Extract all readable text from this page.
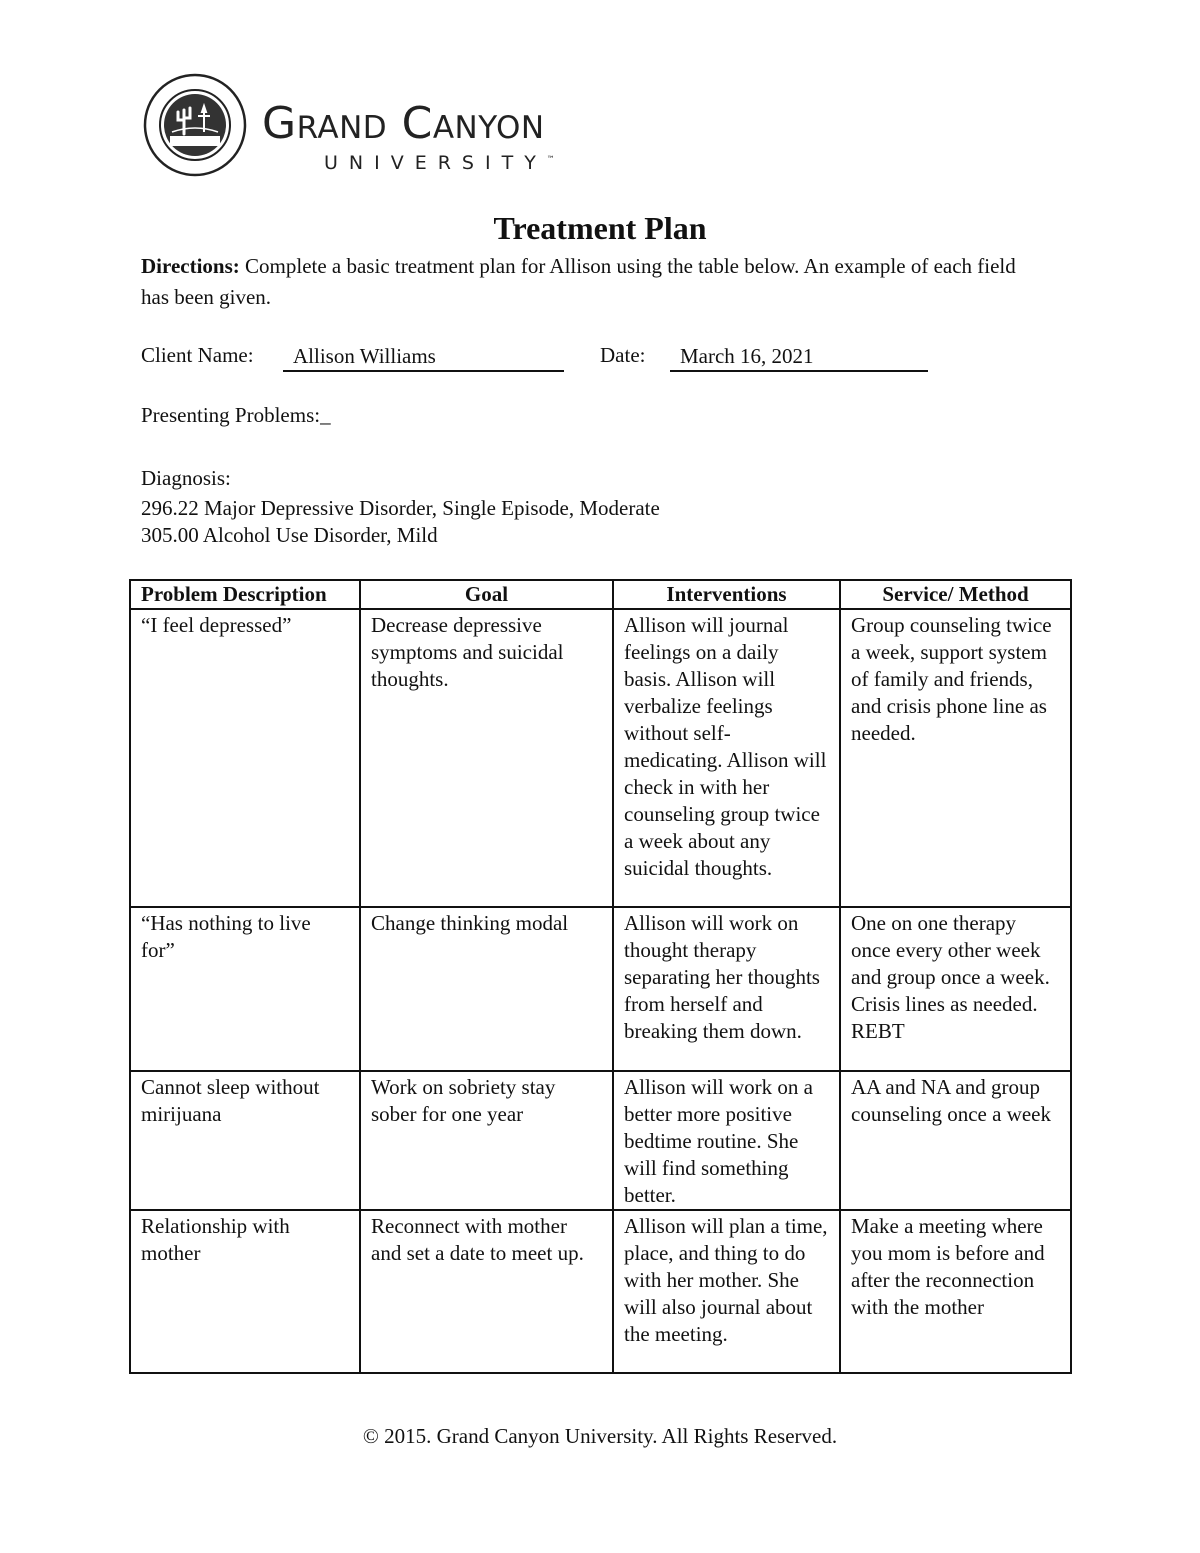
Grand Canyon
UNIVERSITY™
Treatment Plan
Directions: Complete a basic treatment plan for Allison using the table below. An example of each field has been given.
Client Name:	Allison Williams	Date:	March 16, 2021
Presenting Problems:_
Diagnosis:
296.22 Major Depressive Disorder, Single Episode, Moderate
305.00 Alcohol Use Disorder, Mild
Problem Description	Goal	Interventions	Service/ Method
“I feel depressed”	Decrease depressive symptoms and suicidal thoughts.	Allison will journal feelings on a daily basis. Allison will verbalize feelings without self-medicating. Allison will check in with her counseling group twice a week about any suicidal thoughts.	Group counseling twice a week, support system of family and friends, and crisis phone line as needed.
“Has nothing to live for”	Change thinking modal	Allison will work on thought therapy separating her thoughts from herself and breaking them down.	One on one therapy once every other week and group once a week. Crisis lines as needed. REBT
Cannot sleep without mirijuana	Work on sobriety stay sober for one year	Allison will work on a better more positive bedtime routine. She will find something better.	AA and NA and group counseling once a week
Relationship with mother	Reconnect with mother and set a date to meet up.	Allison will plan a time, place, and thing to do with her mother. She will also journal about the meeting.	Make a meeting where you mom is before and after the reconnection with the mother
© 2015. Grand Canyon University. All Rights Reserved.
